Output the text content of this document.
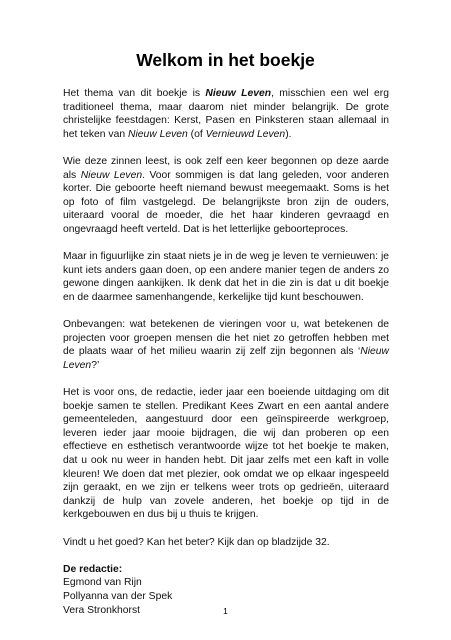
Welkom in het boekje

Het thema van dit boekje is Nieuw Leven, misschien een wel erg traditioneel thema, maar daarom niet minder belangrijk. De grote christelijke feestdagen: Kerst, Pasen en Pinksteren staan allemaal in het teken van Nieuw Leven (of Vernieuwd Leven).

Wie deze zinnen leest, is ook zelf een keer begonnen op deze aarde als Nieuw Leven. Voor sommigen is dat lang geleden, voor anderen korter. Die geboorte heeft niemand bewust meegemaakt. Soms is het op foto of film vastgelegd. De belangrijkste bron zijn de ouders, uiteraard vooral de moeder, die het haar kinderen gevraagd en ongevraagd heeft verteld. Dat is het letterlijke geboorteproces.

Maar in figuurlijke zin staat niets je in de weg je leven te vernieuwen: je kunt iets anders gaan doen, op een andere manier tegen de anders zo gewone dingen aankijken. Ik denk dat het in die zin is dat u dit boekje en de daarmee samenhangende, kerkelijke tijd kunt beschouwen.

Onbevangen: wat betekenen de vieringen voor u, wat betekenen de projecten voor groepen mensen die het niet zo getroffen hebben met de plaats waar of het milieu waarin zij zelf zijn begonnen als ‘Nieuw Leven?’

Het is voor ons, de redactie, ieder jaar een boeiende uitdaging om dit boekje samen te stellen. Predikant Kees Zwart en een aantal andere gemeenteleden, aangestuurd door een geïnspireerde werkgroep, leveren ieder jaar mooie bijdragen, die wij dan proberen op een effectieve en esthetisch verantwoorde wijze tot het boekje te maken, dat u ook nu weer in handen hebt. Dit jaar zelfs met een kaft in volle kleuren! We doen dat met plezier, ook omdat we op elkaar ingespeeld zijn geraakt, en we zijn er telkens weer trots op gedrieën, uiteraard dankzij de hulp van zovele anderen, het boekje op tijd in de kerkgebouwen en dus bij u thuis te krijgen.

Vindt u het goed? Kan het beter? Kijk dan op bladzijde 32.

De redactie:
Egmond van Rijn
Pollyanna van der Spek
Vera Stronkhorst	1
